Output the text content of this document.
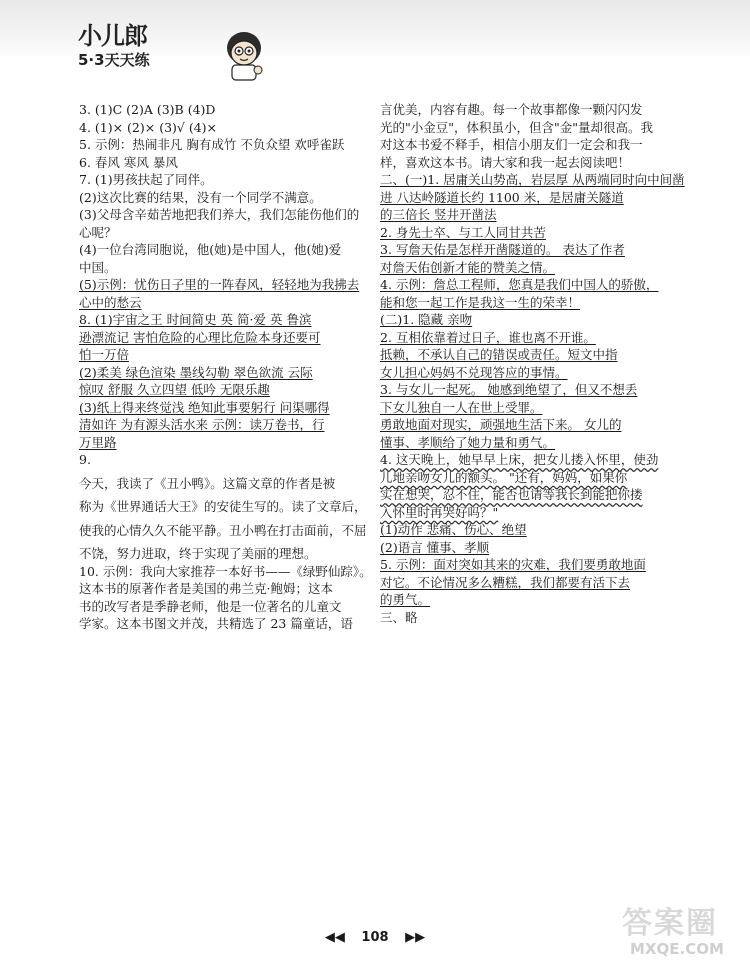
小儿郎
5·3天天练
3. (1)C (2)A (3)B (4)D
4. (1)× (2)× (3)√ (4)×
5. 示例：热闹非凡 胸有成竹 不负众望 欢呼雀跃
6. 春风 寒风 暴风
7. (1)男孩扶起了同伴。
(2)这次比赛的结果，没有一个同学不满意。
(3)父母含辛茹苦地把我们养大，我们怎能伤他们的
心呢？
(4)一位台湾同胞说，他(她)是中国人，他(她)爱
中国。
(5)示例：忧伤日子里的一阵春风，轻轻地为我拂去
心中的愁云
8. (1)宇宙之王 时间简史 英 简·爱 英 鲁滨
逊漂流记 害怕危险的心理比危险本身还要可
怕一万倍
(2)柔美 绿色渲染 墨线勾勒 翠色欲流 云际
惊叹 舒服 久立四望 低吟 无限乐趣
(3)纸上得来终觉浅 绝知此事要躬行 问渠哪得
清如许 为有源头活水来 示例：读万卷书，行
万里路
9.
今天，我读了《丑小鸭》。这篇文章的作者是被
称为《世界通话大王》的安徒生写的。读了文章后，
使我的心情久久不能平静。丑小鸭在打击面前，不屈
不饶，努力进取，终于实现了美丽的理想。
10. 示例：我向大家推荐一本好书——《绿野仙踪》。
这本书的原著作者是美国的弗兰克·鲍姆；这本
书的改写者是季静老师，他是一位著名的儿童文
学家。这本书图文并茂，共精选了 23 篇童话，语
言优美，内容有趣。每一个故事都像一颗闪闪发
光的"小金豆"，体积虽小，但含"金"量却很高。我
对这本书爱不释手，相信小朋友们一定会和我一
样，喜欢这本书。请大家和我一起去阅读吧！
二、(一)1. 居庸关山势高，岩层厚 从两端同时向中间凿
进 八达岭隧道长约 1100 米，是居庸关隧道
的三倍长 竖井开凿法
2. 身先士卒、与工人同甘共苦
3. 写詹天佑是怎样开凿隧道的。 表达了作者
对詹天佑创新才能的赞美之情。
4. 示例：詹总工程师，您真是我们中国人的骄傲，
能和您一起工作是我这一生的荣幸！
(二)1. 隐藏 亲吻
2. 互相依靠着过日子，谁也离不开谁。
抵赖，不承认自己的错误或责任。短文中指
女儿担心妈妈不兑现答应的事情。
3. 与女儿一起死。 她感到绝望了，但又不想丢
下女儿独自一人在世上受罪。
勇敢地面对现实，顽强地生活下来。 女儿的
懂事、孝顺给了她力量和勇气。
4. 这天晚上，她早早上床，把女儿搂入怀里，使劲
儿地亲吻女儿的额头。 "还有，妈妈，如果你
实在想哭，忍不住，能否也请等我长到能把你搂
入怀里时再哭好吗？"
(1)动作 悲痛、伤心、绝望
(2)语言 懂事、孝顺
5. 示例：面对突如其来的灾难，我们要勇敢地面
对它。不论情况多么糟糕，我们都要有活下去
的勇气。
三、略
◀◀ 108 ▶▶	答案圈
MXQE.COM
